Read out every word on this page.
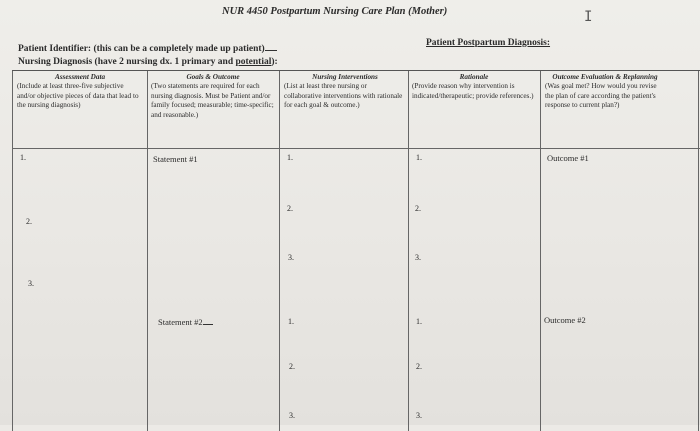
NUR 4450 Postpartum Nursing Care Plan (Mother)	I
Patient Identifier: (this can be a completely made up patient)
Patient Postpartum Diagnosis:
Nursing Diagnosis (have 2 nursing dx. 1 primary and potential):
Assessment Data
(Include at least three-five subjective and/or objective pieces of data that lead to the nursing diagnosis)
Goals & Outcome
(Two statements are required for each nursing diagnosis. Must be Patient and/or family focused; measurable; time-specific; and reasonable.)
Nursing Interventions
(List at least three nursing or collaborative interventions with rationale for each goal & outcome.)
Rationale
(Provide reason why intervention is indicated/therapeutic; provide references.)
Outcome Evaluation & Replanning
(Was goal met? How would you revise the plan of care according the patient's response to current plan?)
1.
2.
3.
Statement #1
Statement #2
1.
2.
3.
1.
2.
3.
1.
2.
3.
1.
2.
3.
Outcome #1
Outcome #2
